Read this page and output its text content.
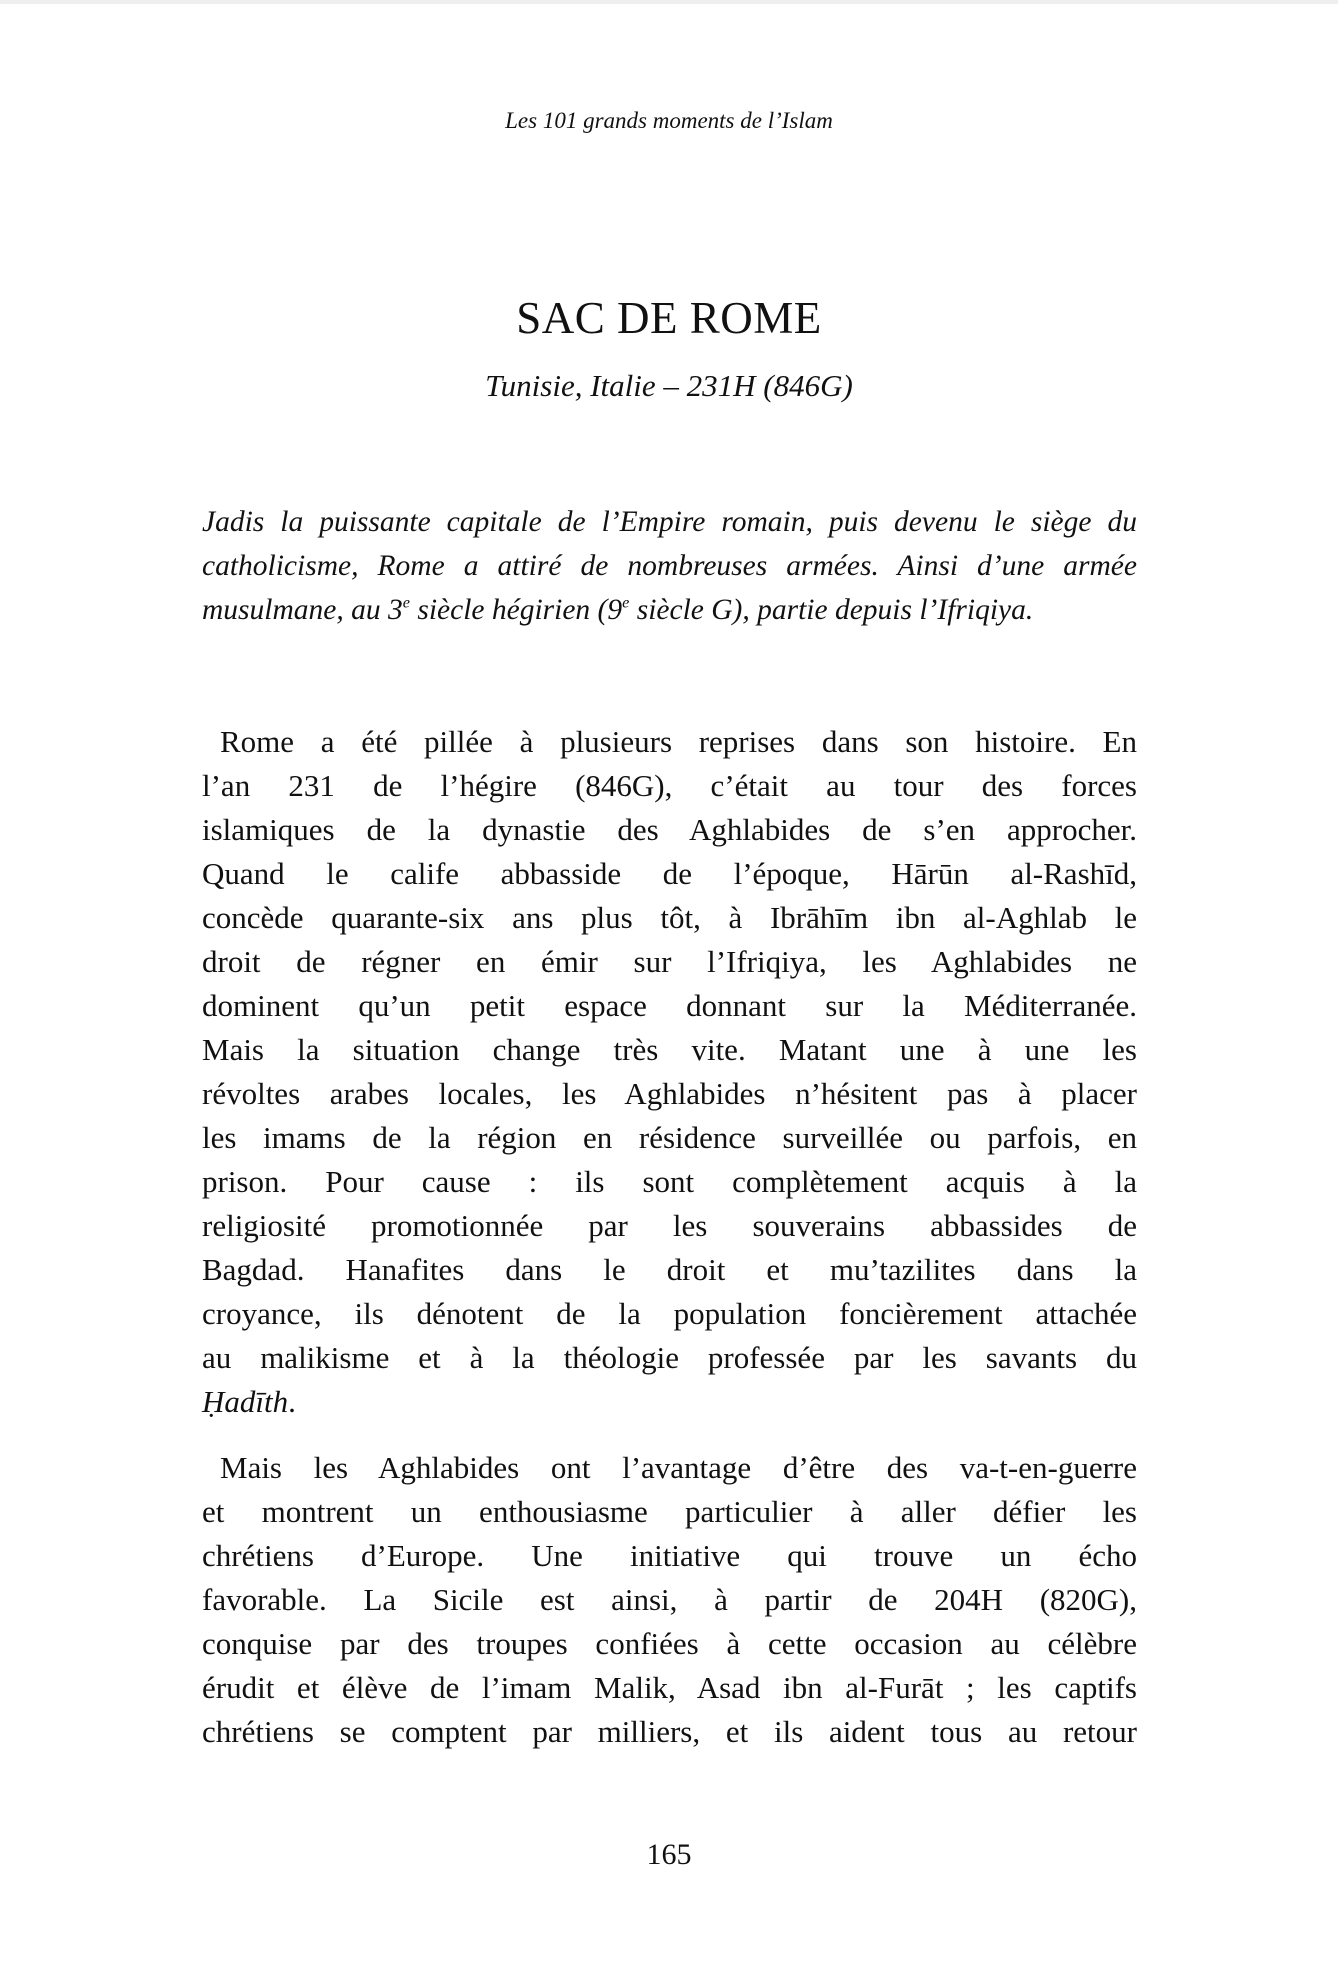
Les 101 grands moments de l’Islam
SAC DE ROME
Tunisie, Italie – 231H (846G)
Jadis la puissante capitale de l’Empire romain, puis devenu le siège du
catholicisme, Rome a attiré de nombreuses armées. Ainsi d’une armée
musulmane, au 3e siècle hégirien (9e siècle G), partie depuis l’Ifriqiya.
Rome a été pillée à plusieurs reprises dans son histoire. En
l’an 231 de l’hégire (846G), c’était au tour des forces
islamiques de la dynastie des Aghlabides de s’en approcher.
Quand le calife abbasside de l’époque, Hārūn al-Rashīd,
concède quarante-six ans plus tôt, à Ibrāhīm ibn al-Aghlab le
droit de régner en émir sur l’Ifriqiya, les Aghlabides ne
dominent qu’un petit espace donnant sur la Méditerranée.
Mais la situation change très vite. Matant une à une les
révoltes arabes locales, les Aghlabides n’hésitent pas à placer
les imams de la région en résidence surveillée ou parfois, en
prison. Pour cause : ils sont complètement acquis à la
religiosité promotionnée par les souverains abbassides de
Bagdad. Hanafites dans le droit et mu’tazilites dans la
croyance, ils dénotent de la population foncièrement attachée
au malikisme et à la théologie professée par les savants du
Ḥadīth.
Mais les Aghlabides ont l’avantage d’être des va-t-en-guerre
et montrent un enthousiasme particulier à aller défier les
chrétiens d’Europe. Une initiative qui trouve un écho
favorable. La Sicile est ainsi, à partir de 204H (820G),
conquise par des troupes confiées à cette occasion au célèbre
érudit et élève de l’imam Malik, Asad ibn al-Furāt ; les captifs
chrétiens se comptent par milliers, et ils aident tous au retour
165
